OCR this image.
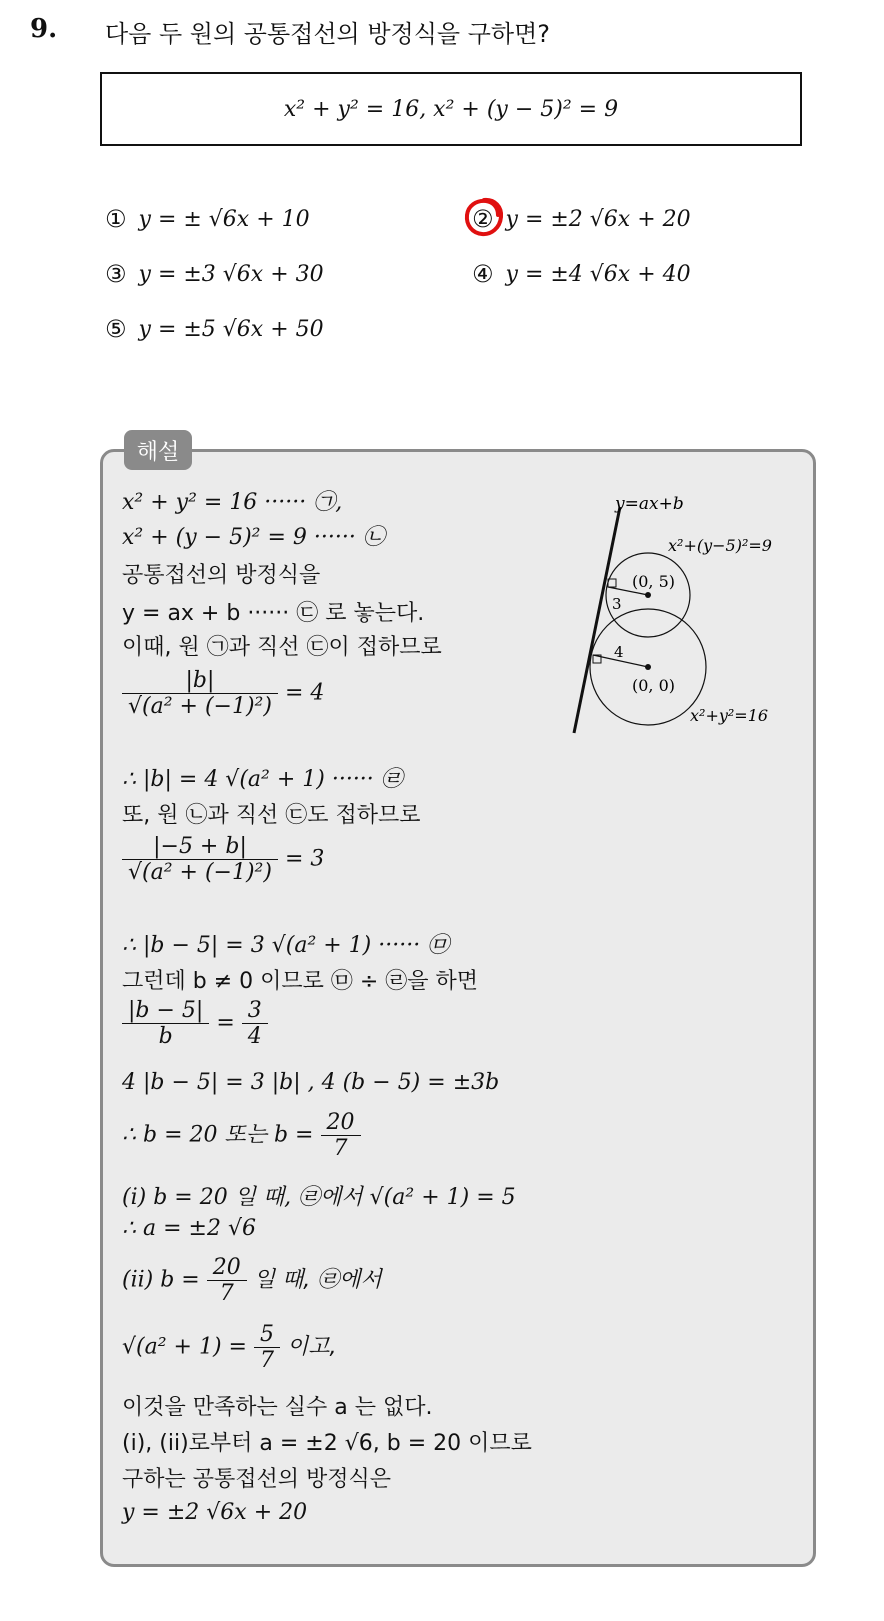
9. 다음 두 원의 공통접선의 방정식을 구하면?
x² + y² = 16, x² + (y − 5)² = 9
① y = ± √6x + 10	② y = ±2 √6x + 20
③ y = ±3 √6x + 30	④ y = ±4 √6x + 40
⑤ y = ±5 √6x + 50
해설
x² + y² = 16 ······ ㉠,
x² + (y − 5)² = 9 ······ ㉡
공통접선의 방정식을
y = ax + b ······ ㉢ 로 놓는다.
이때, 원 ㉠과 직선 ㉢이 접하므로
$\frac{|b|}{\text{√(a² + (−1)²)}} = 4$
∴ |b| = 4 √(a² + 1) ······ ㉣
또, 원 ㉡과 직선 ㉢도 접하므로
$\frac{|-5 + b|}{\text{√(a² + (−1)²)}} = 3$
∴ |b − 5| = 3 √(a² + 1) ······ ㉤
그런데 b ≠ 0 이므로 ㉤ ÷ ㉣을 하면
$\frac{|b - 5|}{b} = \frac{3}{4}$
4 |b − 5| = 3 |b| , 4 (b − 5) = ±3b
∴ b = 20 또는 $b = \frac{20}{7}$
(i) b = 20 일 때, ㉣에서 √(a² + 1) = 5
∴ a = ±2 √6
(ii) $b = \frac{20}{7}$ 일 때, ㉣에서
$√(a^2 + 1) = \frac{5}{7}$ 이고,
이것을 만족하는 실수 a 는 없다.
(i), (ii)로부터 a = ±2 √6, b = 20 이므로
구하는 공통접선의 방정식은
y = ±2 √6x + 20
y=ax+b
x²+(y−5)²=9
x²+y²=16
(0, 5)
(0, 0)
3
4
